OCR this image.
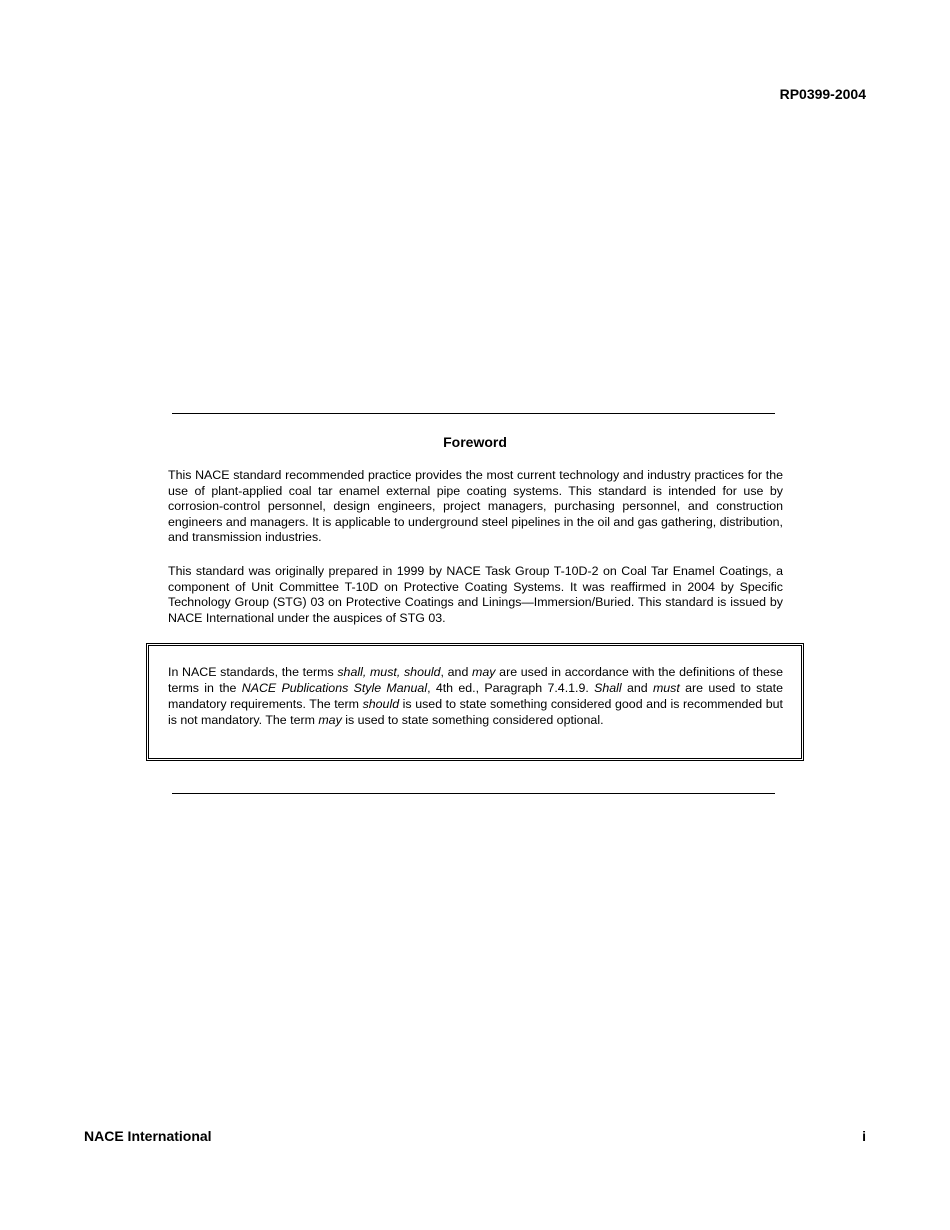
RP0399-2004
Foreword

This NACE standard recommended practice provides the most current technology and industry practices for the use of plant-applied coal tar enamel external pipe coating systems. This standard is intended for use by corrosion-control personnel, design engineers, project managers, purchasing personnel, and construction engineers and managers. It is applicable to underground steel pipelines in the oil and gas gathering, distribution, and transmission industries.

This standard was originally prepared in 1999 by NACE Task Group T-10D-2 on Coal Tar Enamel Coatings, a component of Unit Committee T-10D on Protective Coating Systems. It was reaffirmed in 2004 by Specific Technology Group (STG) 03 on Protective Coatings and Linings—Immersion/Buried. This standard is issued by NACE International under the auspices of STG 03.

In NACE standards, the terms shall, must, should, and may are used in accordance with the definitions of these terms in the NACE Publications Style Manual, 4th ed., Paragraph 7.4.1.9. Shall and must are used to state mandatory requirements. The term should is used to state something considered good and is recommended but is not mandatory. The term may is used to state something considered optional.

NACE International	i
